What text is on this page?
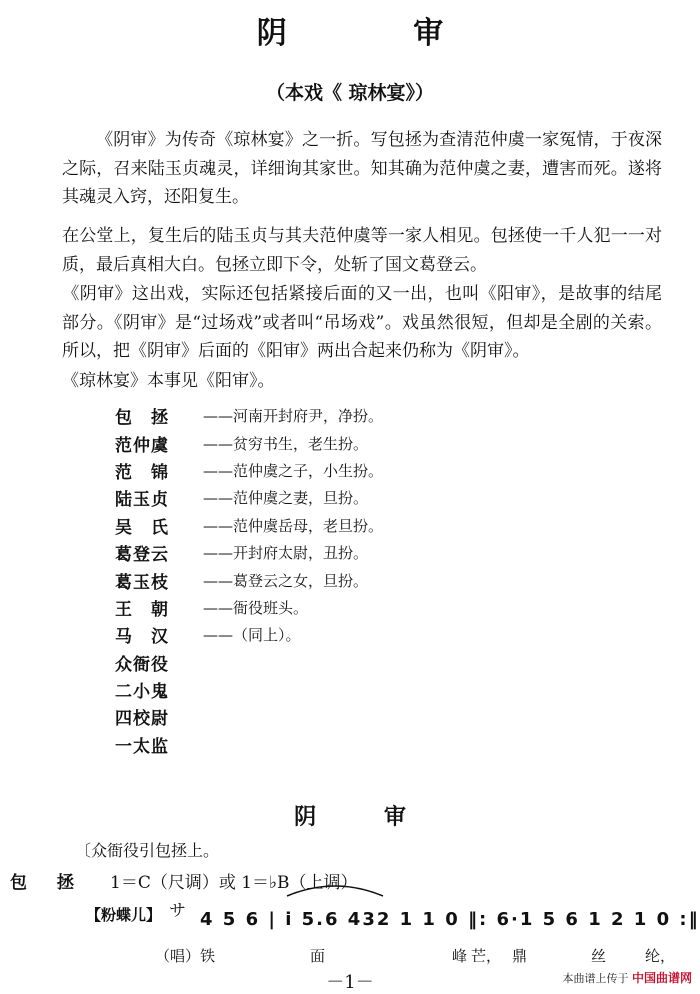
阴 审
（本戏《 琼林宴》）
《阴审》为传奇《琼林宴》之一折。写包拯为查清范仲虞一家冤情，于夜深之际，召来陆玉贞魂灵，详细询其家世。知其确为范仲虞之妻，遭害而死。遂将其魂灵入窍，还阳复生。
在公堂上，复生后的陆玉贞与其夫范仲虞等一家人相见。包拯使一千人犯一一对质，最后真相大白。包拯立即下令，处斩了国文葛登云。
《阴审》这出戏，实际还包括紧接后面的又一出，也叫《阳审》，是故事的结尾部分。《阴审》是“过场戏”或者叫“吊场戏”。戏虽然很短，但却是全剧的关索。所以，把《阴审》后面的《阳审》两出合起来仍称为《阴审》。
《琼林宴》本事见《阳审》。
包　拯	——河南开封府尹，净扮。
范仲虞	——贫穷书生，老生扮。
范　锦	——范仲虞之子，小生扮。
陆玉贞	——范仲虞之妻，旦扮。
吴　氏	——范仲虞岳母，老旦扮。
葛登云	——开封府太尉，丑扮。
葛玉枝	——葛登云之女，旦扮。
王　朝	——衙役班头。
马　汉	——（同上）。
众衙役
二小鬼
四校尉
一太监
阴 审
〔众衙役引包拯上。
包 拯 1＝C（尺调）或 1＝♭B（上调）
【粉蝶儿】 サ 4 5 6 | i 5.6 432 1 1 0 ‖: 6·1 5 6 1 2 1 0 :‖
（唱）铁	面	峰 芒， 鼎	丝	纶，
－1－	本曲谱上传于 中国曲谱网
